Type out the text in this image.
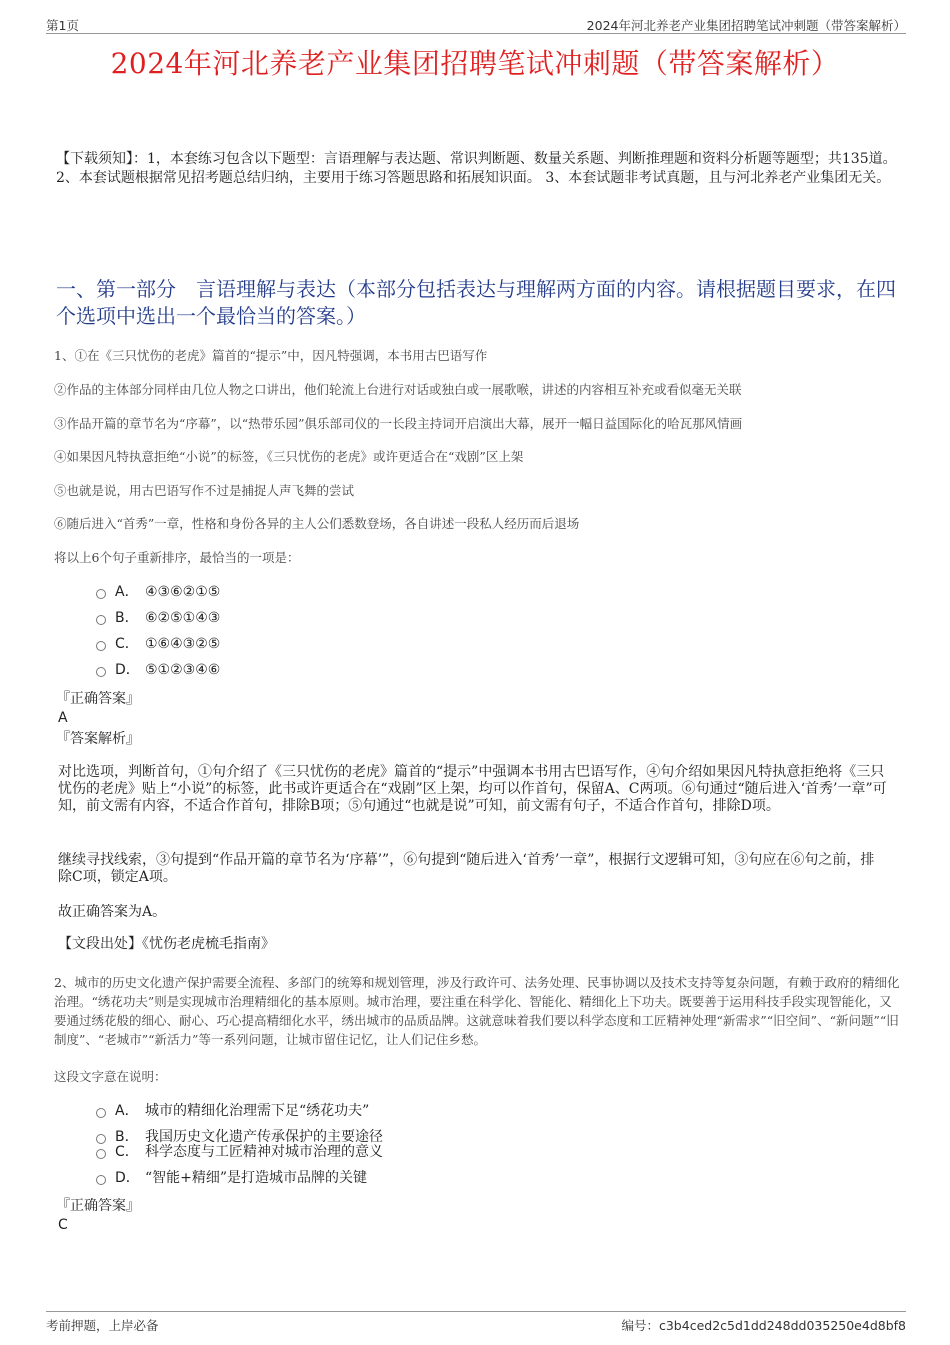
第1页	2024年河北养老产业集团招聘笔试冲刺题（带答案解析）
2024年河北养老产业集团招聘笔试冲刺题（带答案解析）
【下载须知】：1，本套练习包含以下题型：言语理解与表达题、常识判断题、数量关系题、判断推理题和资料分析题等题型；共135道。 2、本套试题根据常见招考题总结归纳，主要用于练习答题思路和拓展知识面。 3、本套试题非考试真题，且与河北养老产业集团无关。
一、第一部分　言语理解与表达（本部分包括表达与理解两方面的内容。请根据题目要求，在四个选项中选出一个最恰当的答案。）
1、①在《三只忧伤的老虎》篇首的“提示”中，因凡特强调，本书用古巴语写作
②作品的主体部分同样由几位人物之口讲出，他们轮流上台进行对话或独白或一展歌喉，讲述的内容相互补充或看似毫无关联
③作品开篇的章节名为“序幕”，以“热带乐园”俱乐部司仪的一长段主持词开启演出大幕，展开一幅日益国际化的哈瓦那风情画
④如果因凡特执意拒绝“小说”的标签，《三只忧伤的老虎》或许更适合在“戏剧”区上架
⑤也就是说，用古巴语写作不过是捕捉人声飞舞的尝试
⑥随后进入“首秀”一章，性格和身份各异的主人公们悉数登场，各自讲述一段私人经历而后退场
将以上6个句子重新排序，最恰当的一项是：
A． ④③⑥②①⑤
B． ⑥②⑤①④③
C． ①⑥④③②⑤
D． ⑤①②③④⑥
『正确答案』
A
『答案解析』
对比选项，判断首句，①句介绍了《三只忧伤的老虎》篇首的“提示”中强调本书用古巴语写作，④句介绍如果因凡特执意拒绝将《三只忧伤的老虎》贴上“小说”的标签，此书或许更适合在“戏剧”区上架，均可以作首句，保留A、C两项。⑥句通过“随后进入‘首秀’一章”可知，前文需有内容，不适合作首句，排除B项；⑤句通过“也就是说”可知，前文需有句子，不适合作首句，排除D项。
继续寻找线索，③句提到“作品开篇的章节名为‘序幕’”，⑥句提到“随后进入‘首秀’一章”，根据行文逻辑可知，③句应在⑥句之前，排除C项，锁定A项。
故正确答案为A。
【文段出处】《忧伤老虎梳毛指南》
2、城市的历史文化遗产保护需要全流程、多部门的统筹和规划管理，涉及行政许可、法务处理、民事协调以及技术支持等复杂问题，有赖于政府的精细化治理。“绣花功夫”则是实现城市治理精细化的基本原则。城市治理，要注重在科学化、智能化、精细化上下功夫。既要善于运用科技手段实现智能化，又要通过绣花般的细心、耐心、巧心提高精细化水平，绣出城市的品质品牌。这就意味着我们要以科学态度和工匠精神处理“新需求”“旧空间”、“新问题”“旧制度”、“老城市”“新活力”等一系列问题，让城市留住记忆，让人们记住乡愁。
这段文字意在说明：
A． 城市的精细化治理需下足“绣花功夫”
B． 我国历史文化遗产传承保护的主要途径
C． 科学态度与工匠精神对城市治理的意义
D． “智能+精细”是打造城市品牌的关键
『正确答案』
C
考前押题，上岸必备	编号：c3b4ced2c5d1dd248dd035250e4d8bf8
